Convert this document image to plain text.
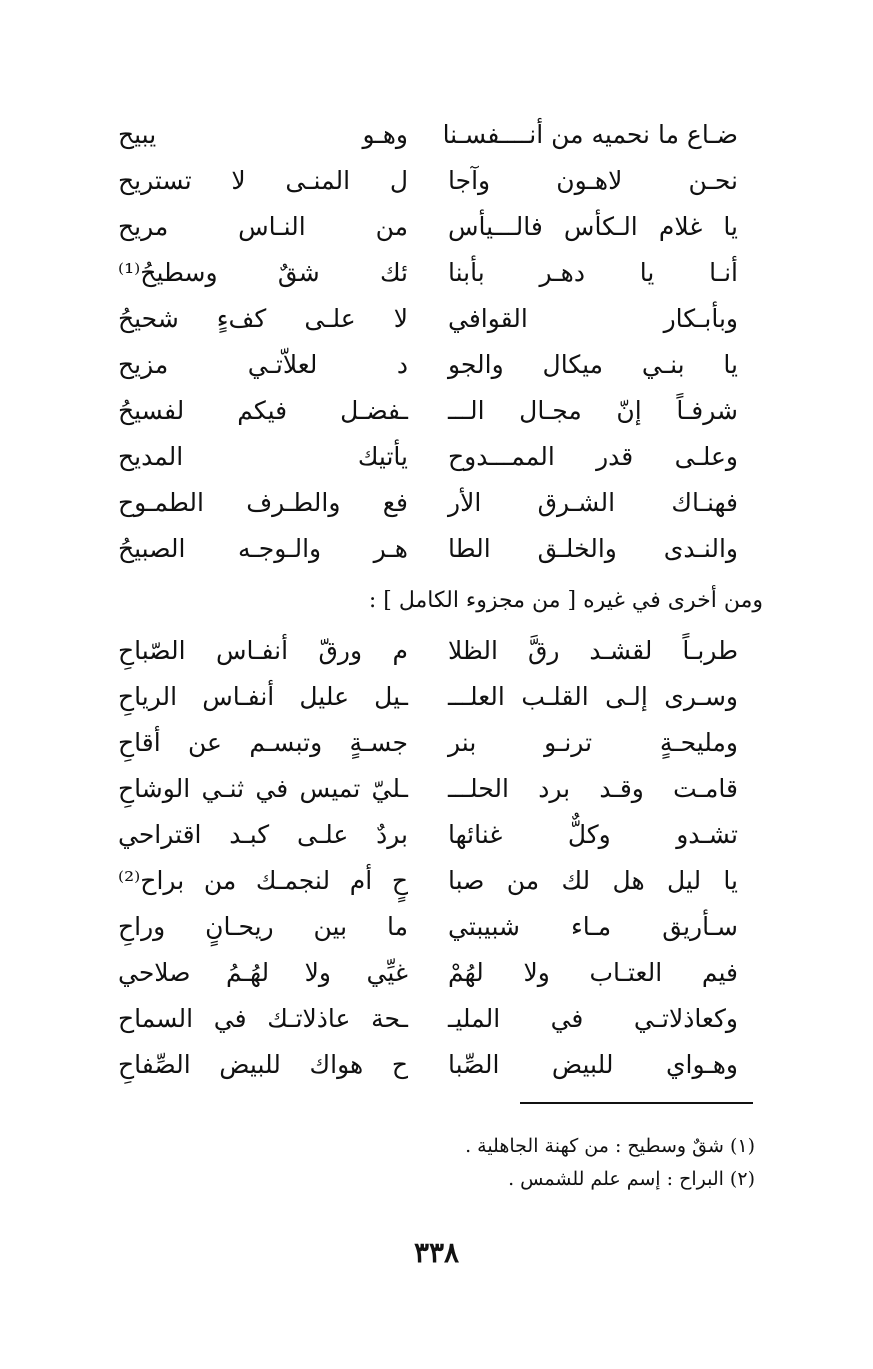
ضـاع ما نحميه من أنــــفسـنا
وهـو يبيح
نحـن لاهـون وآجا
ل المنـى لا تستريح
يا غلام الـكأس فالـــيأس
من النـاس مريح
أنـا يا دهـر بأبنا
ئك شقٌ وسطيحُ⁽¹⁾
وبأبـكار القوافي
لا علـى كفءٍ شحيحُ
يا بنـي ميكال والجو
د لعلاّتـي مزيح
شرفـاً إنّ مجـال الـــ
ـفضـل فيكم لفسيحُ
وعلـى قدر الممـــدوح
يأتيك المديح
فهنـاك الشـرق الأر
فع والطـرف الطمـوح
والنـدى والخلـق الطا
هـر والـوجـه الصبيحُ
ومن أخرى في غيره [ من مجزوء الكامل ] :
طربـاً لقشـد رقَّ الظلا
م ورقّ أنفـاس الصّباحِ
وسـرى إلـى القلـب العلـــ
ـيل عليل أنفـاس الرياحِ
ومليحـةٍ ترنـو بنر
جسـةٍ وتبسـم عن أقاحِ
قامـت وقـد برد الحلـــ
ـليّ تميس في ثنـي الوشاحِ
تشـدو وكلٌّ غنائها
بردٌ علـى كبـد اقتراحي
يا ليل هل لك من صبا
حٍ أم لنجمـك من براح⁽²⁾
سـأريق مـاء شبيبتي
ما بين ريحـانٍ وراحِ
فيم العتـاب ولا لهُمْ
غيِّي ولا لهُـمُ صلاحي
وكعاذلاتـي في المليـ
ـحة عاذلاتـك في السماح
وهـواي للبيض الصِّبا
ح هواك للبيض الصِّفاحِ
(١) شقٌ وسطيح : من كهنة الجاهلية .
(٢) البراح : إسم علم للشمس .
٣٣٨
